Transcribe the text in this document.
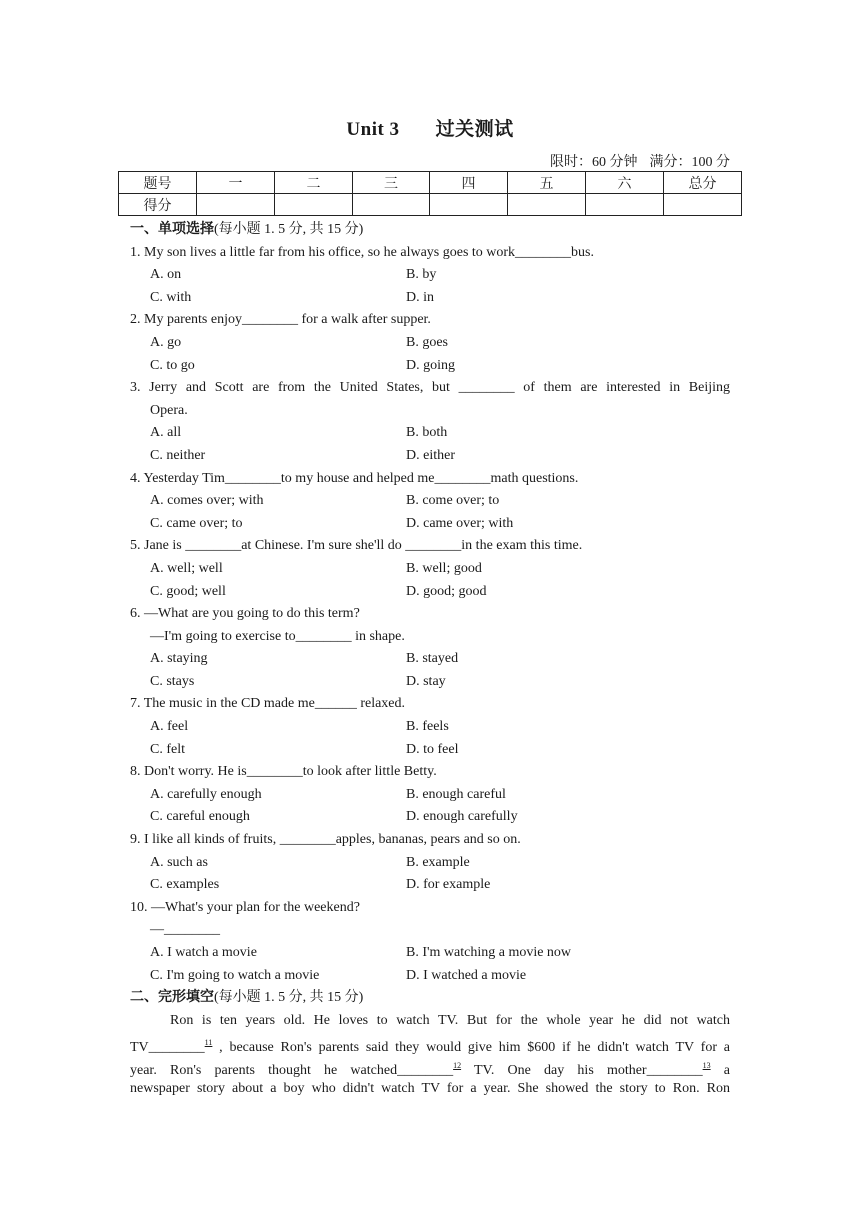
Unit 3 过关测试
限时：60 分钟 满分：100 分
题号	一	二	三	四	五	六	总分
得分							
一、单项选择(每小题 1. 5 分, 共 15 分)
1. My son lives a little far from his office, so he always goes to work________bus.
A. on	B. by
C. with	D. in
2. My parents enjoy________ for a walk after supper.
A. go	B. goes
C. to go	D. going
3. Jerry and Scott are from the United States, but ________ of them are interested in Beijing
Opera.
A. all	B. both
C. neither	D. either
4. Yesterday Tim________to my house and helped me________math questions.
A. comes over; with	B. come over; to
C. came over; to	D. came over; with
5. Jane is ________at Chinese. I'm sure she'll do ________in the exam this time.
A. well; well	B. well; good
C. good; well	D. good; good
6. —What are you going to do this term?
—I'm going to exercise to________ in shape.
A. staying	B. stayed
C. stays	D. stay
7. The music in the CD made me______ relaxed.
A. feel	B. feels
C. felt	D. to feel
8. Don't worry. He is________to look after little Betty.
A. carefully enough	B. enough careful
C. careful enough	D. enough carefully
9. I like all kinds of fruits, ________apples, bananas, pears and so on.
A. such as	B. example
C. examples	D. for example
10. —What's your plan for the weekend?
—________
A. I watch a movie	B. I'm watching a movie now
C. I'm going to watch a movie	D. I watched a movie
二、完形填空(每小题 1. 5 分, 共 15 分)
Ron is ten years old. He loves to watch TV. But for the whole year he did not watch
TV________$^{11}$ , because Ron's parents said they would give him $600 if he didn't watch TV for a
year. Ron's parents thought he watched________$^{12}$ TV. One day his mother________$^{13}$ a
newspaper story about a boy who didn't watch TV for a year. She showed the story to Ron. Ron
